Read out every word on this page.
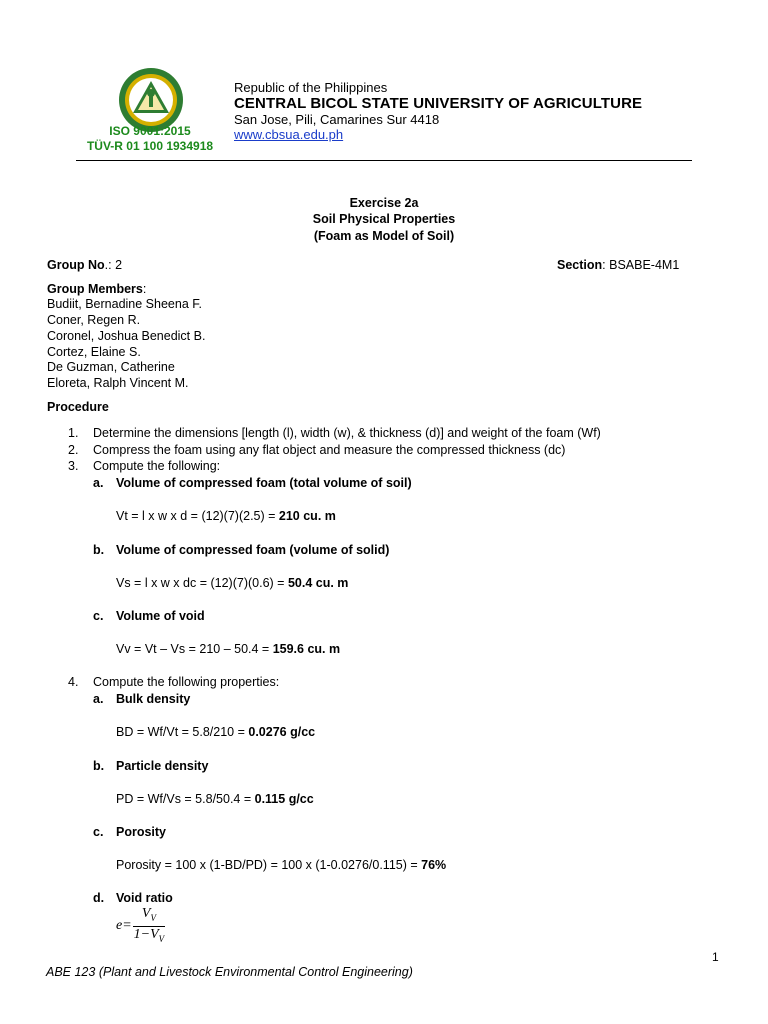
ISO 9001:2015
TÜV-R 01 100 1934918
Republic of the Philippines
CENTRAL BICOL STATE UNIVERSITY OF AGRICULTURE
San Jose, Pili, Camarines Sur 4418
www.cbsua.edu.ph
Exercise 2a
Soil Physical Properties
(Foam as Model of Soil)
Group No.: 2	Section: BSABE-4M1
Group Members:
Budiit, Bernadine Sheena F.
Coner, Regen R.
Coronel, Joshua Benedict B.
Cortez, Elaine S.
De Guzman, Catherine
Eloreta, Ralph Vincent M.
Procedure
1. Determine the dimensions [length (l), width (w), & thickness (d)] and weight of the foam (Wf)
2. Compress the foam using any flat object and measure the compressed thickness (dc)
3. Compute the following:
a. Volume of compressed foam (total volume of soil)
Vt = l x w x d = (12)(7)(2.5) = 210 cu. m
b. Volume of compressed foam (volume of solid)
Vs = l x w x dc = (12)(7)(0.6) = 50.4 cu. m
c. Volume of void
Vv = Vt – Vs = 210 – 50.4 = 159.6 cu. m
4. Compute the following properties:
a. Bulk density
BD = Wf/Vt = 5.8/210 = 0.0276 g/cc
b. Particle density
PD = Wf/Vs = 5.8/50.4 = 0.115 g/cc
c. Porosity
Porosity = 100 x (1-BD/PD) = 100 x (1-0.0276/0.115) = 76%
d. Void ratio
e=	$V_V$
$1-V_V$
1
ABE 123 (Plant and Livestock Environmental Control Engineering)
